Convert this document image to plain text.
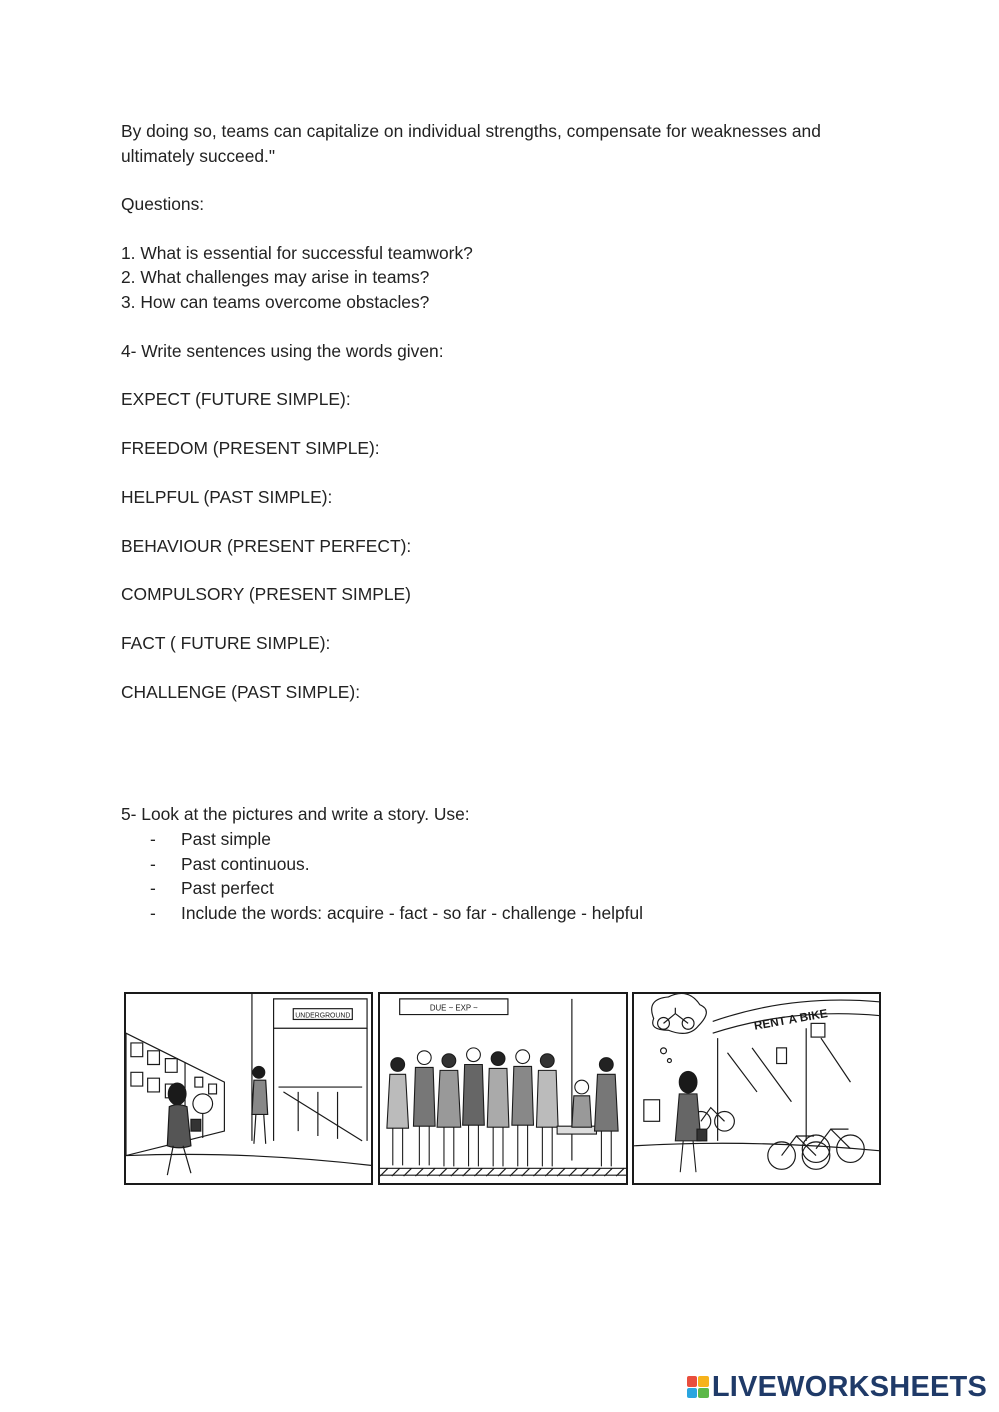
By doing so, teams can capitalize on individual strengths, compensate for weaknesses and
ultimately succeed."
Questions:
1. What is essential for successful teamwork?
2. What challenges may arise in teams?
3. How can teams overcome obstacles?
4- Write sentences using the words given:
EXPECT (FUTURE SIMPLE):
FREEDOM (PRESENT SIMPLE):
HELPFUL (PAST SIMPLE):
BEHAVIOUR (PRESENT PERFECT):
COMPULSORY (PRESENT SIMPLE)
FACT ( FUTURE SIMPLE):
CHALLENGE (PAST SIMPLE):
5- Look at the pictures and write a story. Use:
- Past simple
- Past continuous.
- Past perfect
- Include the words: acquire - fact - so far - challenge - helpful
UNDERGROUND
DUE ~ EXP ~	RENT A BIKE
LIVEWORKSHEETS
